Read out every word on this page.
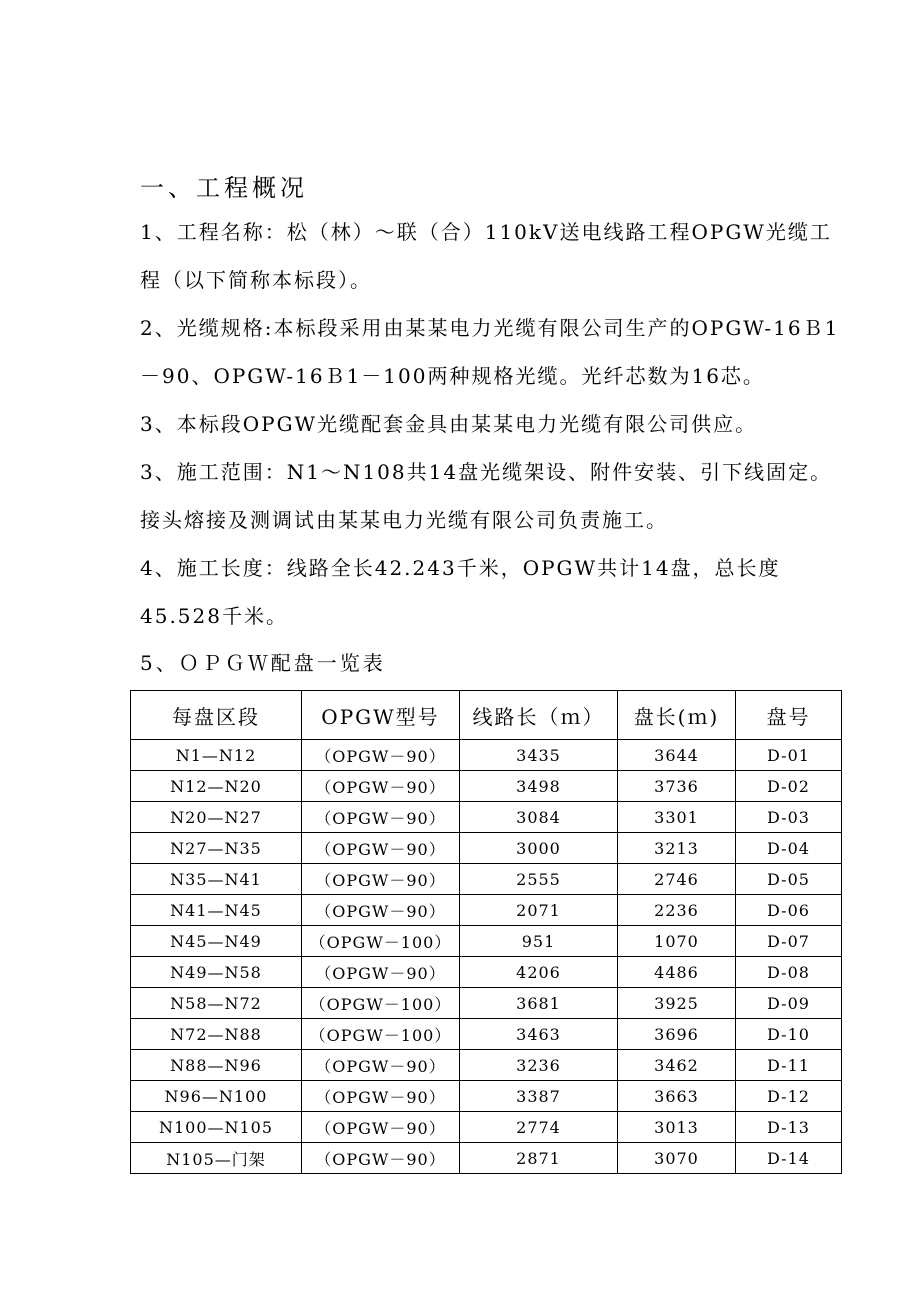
一、工程概况

1、工程名称：松（林）～联（合）110kV送电线路工程OPGW光缆工程（以下简称本标段）。

2、光缆规格:本标段采用由某某电力光缆有限公司生产的OPGW-16Ｂ1－90、OPGW-16Ｂ1－100两种规格光缆。光纤芯数为16芯。

3、本标段OPGW光缆配套金具由某某电力光缆有限公司供应。

3、施工范围：N1～N108共14盘光缆架设、附件安装、引下线固定。接头熔接及测调试由某某电力光缆有限公司负责施工。

4、施工长度：线路全长42.243千米，OPGW共计14盘，总长度45.528千米。

5、ＯＰＧＷ配盘一览表
每盘区段	OPGW型号	线路长（ｍ）	盘长(ｍ)	盘号
N1—N12	（OPGW－90）	3435	3644	D-01
N12—N20	（OPGW－90）	3498	3736	D-02
N20—N27	（OPGW－90）	3084	3301	D-03
N27—N35	（OPGW－90）	3000	3213	D-04
N35—N41	（OPGW－90）	2555	2746	D-05
N41—N45	（OPGW－90）	2071	2236	D-06
N45—N49	（OPGW－100）	951	1070	D-07
N49—N58	（OPGW－90）	4206	4486	D-08
N58—N72	（OPGW－100）	3681	3925	D-09
N72—N88	（OPGW－100）	3463	3696	D-10
N88—N96	（OPGW－90）	3236	3462	D-11
N96—N100	（OPGW－90）	3387	3663	D-12
N100—N105	（OPGW－90）	2774	3013	D-13
N105—门架	（OPGW－90）	2871	3070	D-14
